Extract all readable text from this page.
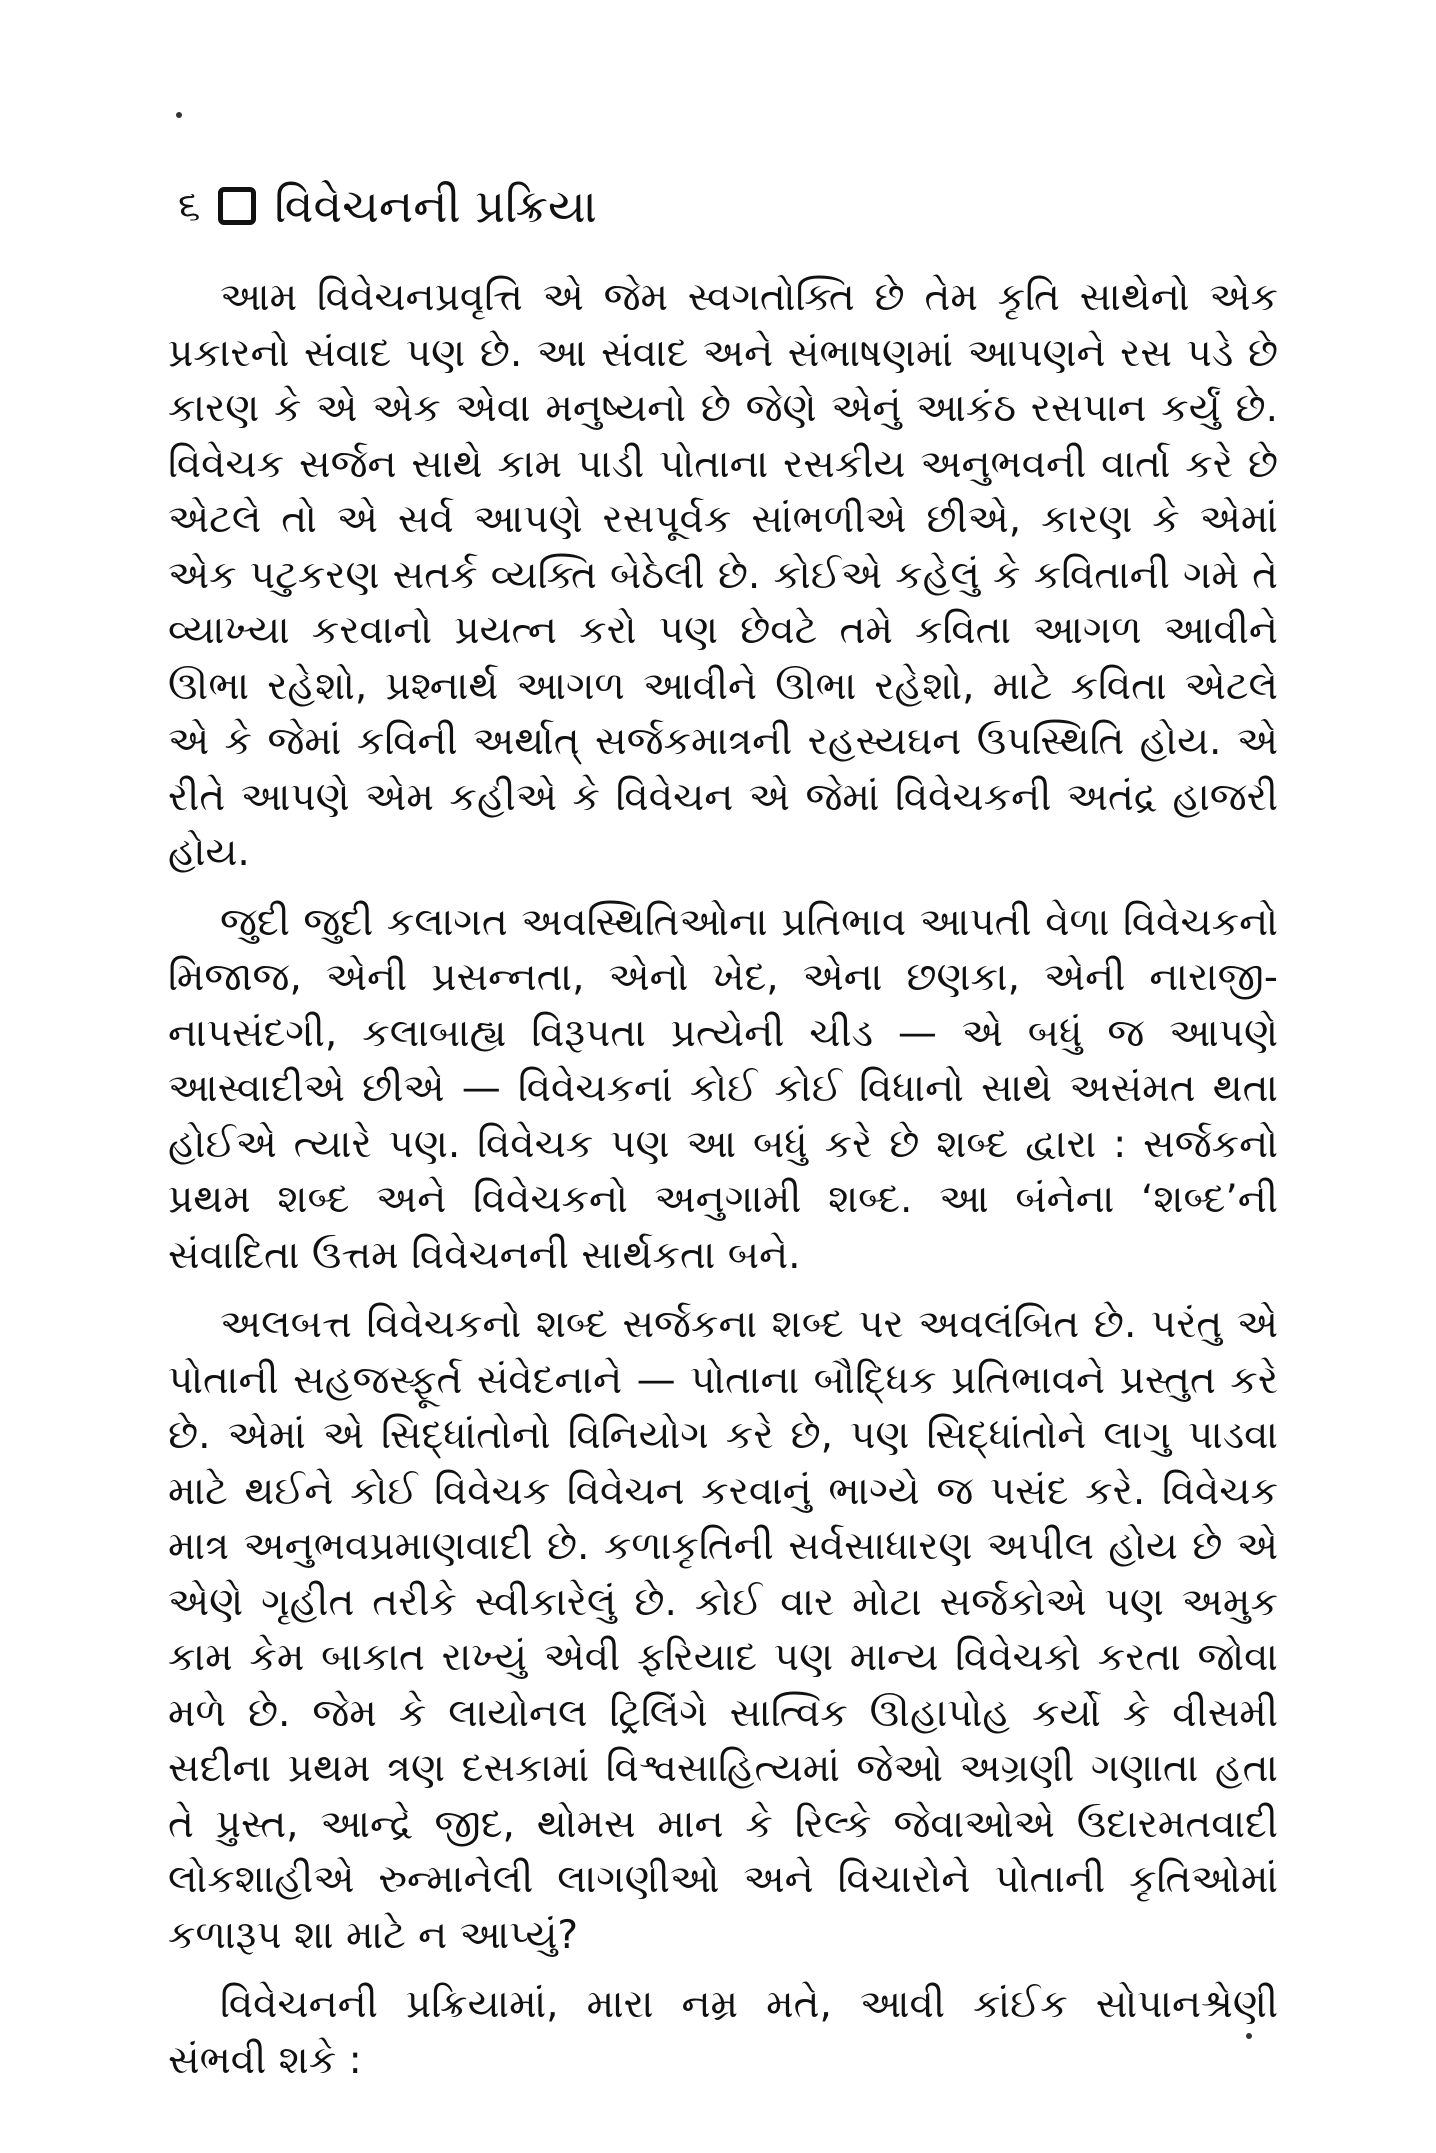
૬ વિવેચનની પ્રક્રિયા

આમ વિવેચનપ્રવૃત્તિ એ જેમ સ્વગતોક્તિ છે તેમ કૃતિ સાથેનો એક પ્રકારનો સંવાદ પણ છે. આ સંવાદ અને સંભાષણમાં આપણને રસ પડે છે કારણ કે એ એક એવા મનુષ્યનો છે જેણે એનું આકંઠ રસપાન કર્યું છે. વિવેચક સર્જન સાથે કામ પાડી પોતાના રસકીય અનુભવની વાર્તા કરે છે એટલે તો એ સર્વ આપણે રસપૂર્વક સાંભળીએ છીએ, કારણ કે એમાં એક પટુકરણ સતર્ક વ્યક્તિ બેઠેલી છે. કોઈએ કહેલું કે કવિતાની ગમે તે વ્યાખ્યા કરવાનો પ્રયત્ન કરો પણ છેવટે તમે કવિતા આગળ આવીને ઊભા રહેશો, પ્રશ્નાર્થ આગળ આવીને ઊભા રહેશો, માટે કવિતા એટલે એ કે જેમાં કવિની અર્થાત્ સર્જકમાત્રની રહસ્યઘન ઉપસ્થિતિ હોય. એ રીતે આપણે એમ કહીએ કે વિવેચન એ જેમાં વિવેચકની અતંદ્ર હાજરી હોય.

જુદી જુદી કલાગત અવસ્થિતિઓના પ્રતિભાવ આપતી વેળા વિવેચકનો મિજાજ, એની પ્રસન્નતા, એનો ખેદ, એના છણકા, એની નારાજી-નાપસંદગી, કલાબાહ્ય વિરૂપતા પ્રત્યેની ચીડ — એ બધું જ આપણે આસ્વાદીએ છીએ — વિવેચકનાં કોઈ કોઈ વિધાનો સાથે અસંમત થતા હોઈએ ત્યારે પણ. વિવેચક પણ આ બધું કરે છે શબ્દ દ્વારા : સર્જકનો પ્રથમ શબ્દ અને વિવેચકનો અનુગામી શબ્દ. આ બંનેના ‘શબ્દ’ની સંવાદિતા ઉત્તમ વિવેચનની સાર્થકતા બને.

અલબત્ત વિવેચકનો શબ્દ સર્જકના શબ્દ પર અવલંબિત છે. પરંતુ એ પોતાની સહજસ્ફૂર્ત સંવેદનાને — પોતાના બૌદ્ધિક પ્રતિભાવને પ્રસ્તુત કરે છે. એમાં એ સિદ્ધાંતોનો વિનિયોગ કરે છે, પણ સિદ્ધાંતોને લાગુ પાડવા માટે થઈને કોઈ વિવેચક વિવેચન કરવાનું ભાગ્યે જ પસંદ કરે. વિવેચક માત્ર અનુભવપ્રમાણવાદી છે. કળાકૃતિની સર્વસાધારણ અપીલ હોય છે એ એણે ગૃહીત તરીકે સ્વીકારેલું છે. કોઈ વાર મોટા સર્જકોએ પણ અમુક કામ કેમ બાકાત રાખ્યું એવી ફરિયાદ પણ માન્ય વિવેચકો કરતા જોવા મળે છે. જેમ કે લાયોનલ ટ્રિલિંગે સાત્વિક ઊહાપોહ કર્યો કે વીસમી સદીના પ્રથમ ત્રણ દસકામાં વિશ્વસાહિત્યમાં જેઓ અગ્રણી ગણાતા હતા તે પ્રુસ્ત, આન્દ્રે જીદ, થોમસ માન કે રિલ્કે જેવાઓએ ઉદારમતવાદી લોકશાહીએ રુન્માનેલી લાગણીઓ અને વિચારોને પોતાની કૃતિઓમાં કળારૂપ શા માટે ન આપ્યું?

વિવેચનની પ્રક્રિયામાં, મારા નમ્ર મતે, આવી કાંઈક સોપાનશ્રેણી સંભવી શકે :
